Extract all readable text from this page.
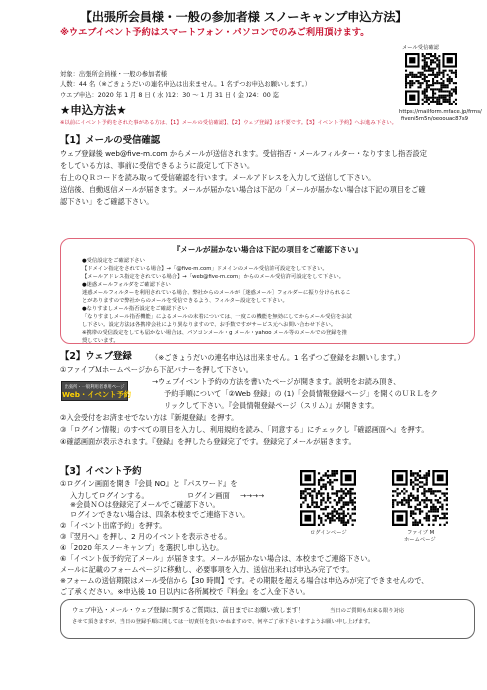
【出張所会員様・一般の参加者様 スノーキャンプ申込方法】
※ウエブイベント予約はスマートフォン・パソコンでのみご利用頂けます。
メール受信確認
https://mailform.mface.jp/frms/
fiveni5m5n/oeoouac87s9
対象：出張所会員様・一般の参加者様
人数：44 名（※ごきょうだいの連名申込は出来ません。1 名ずつお申込お願いします。）
ウエブ申込：2020 年 1 月 8 日 ( 水 )12：30 ～ 1 月 31 日 ( 金 )24：00 迄
★申込方法★
※以前にイベント予約をされた事がある方は、【1】メールの受信確認】、【2】ウェブ登録】は不要です。【3】イベント予約】へお進み下さい。
【1】メールの受信確認
ウェブ登録後 web@five-m.com からメールが送信されます。受信指否・メールフィルター・なりすまし指否設定
をしている方は、事前に受信できるように設定して下さい。
右上のＱＲコードを読み取って受信確認を行います。メールアドレスを入力して送信して下さい。
送信後、自動返信メールが届きます。メールが届かない場合は下記の「メールが届かない場合は下記の項目をご確
認下さい」をご確認下さい。
『メールが届かない場合は下記の項目をご確認下さい』
●受信設定をご確認下さい
【ドメイン指定をされている場合】→「@five-m.com」ドメインのメール受信許可設定をして下さい。
【メールアドレス指定をされている場合】→「web@five-m.com」からのメール受信許可設定をして下さい。
●迷惑メールフォルダをご確認下さい
迷惑メールフィルターを利用されている場合、弊社からのメールが［迷惑メール］フォルダーに振り分けられるこ
とがありますので弊社からのメールを受信できるよう、フィルター設定をして下さい。
●なりすましメール指否設定をご確認下さい
「なりすましメール指否機能」によるメールの未着については、一度この機能を無効にしてからメール受信をお試
し下さい。設定方法は各携帯会社により異なりますので、お手数ですがサービス元へお問い合わせ下さい。
※携帯の受信設定をしても届かない場合は、パソコンメール・g メール・yahoo メール等のメールでの登録を推
奨しています。
【2】ウェブ登録	（※ごきょうだいの連名申込は出来ません。1 名ずつご登録をお願いします。）
①ファイブＭホームページから下記バナーを押して下さい。
出張所・一般利用者専用ページ
Web・イベント予約
→ウェブイベント予約の方法を書いたページが開きます。説明をお読み頂き、
予約手順について「②Web 登録」の (1)「会員情報登録ページ」を開くのＵＲＬをク
リックして下さい。『会員情報登録ページ（スリム）』が開きます。
②入会受付をお済ませでない方は『新規登録』を押す。
③「ログイン情報」のすべての項目を入力し、利用規約を読み、「同意する」にチェックし『確認画面へ』を押す。
④確認画面が表示されます。『登録』を押したら登録完了です。登録完了メールが届きます。
【3】イベント予約
①ログイン画面を開き『会員 NO』と『パスワード』を
入力してログインする。	ログイン画面 →→→→
※会員ＮＯは登録完了メールでご確認下さい。
ログインできない場合は、四条本校までご連絡下さい。
②「イベント出席予約」を押す。
③『翌月へ』を押し、2 月のイベントを表示させる。
④「2020 年スノーキャンプ」を選択し申し込む。
⑥「イベント仮予約完了メール」が届きます。メールが届かない場合は、本校までご連絡下さい。
メールに記載のフォームページに移動し、必要事項を入力、送信出来れば申込み完了です。
※フォームの送信期限はメール受信から【30 時間】です。その期限を超える場合は申込みが完了できませんので、
ログインページ	ファイブ M
ホームページ
ウェブ申込・メール・ウェブ登録に関するご質問は、前日までにお願い致します！	当日のご質問も出来る限り対応
させて頂きますが、当日の登録手順に関しては一切責任を負いかねますので、何卒ご了承下さいますようお願い申し上げます。
ご了承ください。※申込後 10 日以内に各所属校で『料金』をご入金下さい。
